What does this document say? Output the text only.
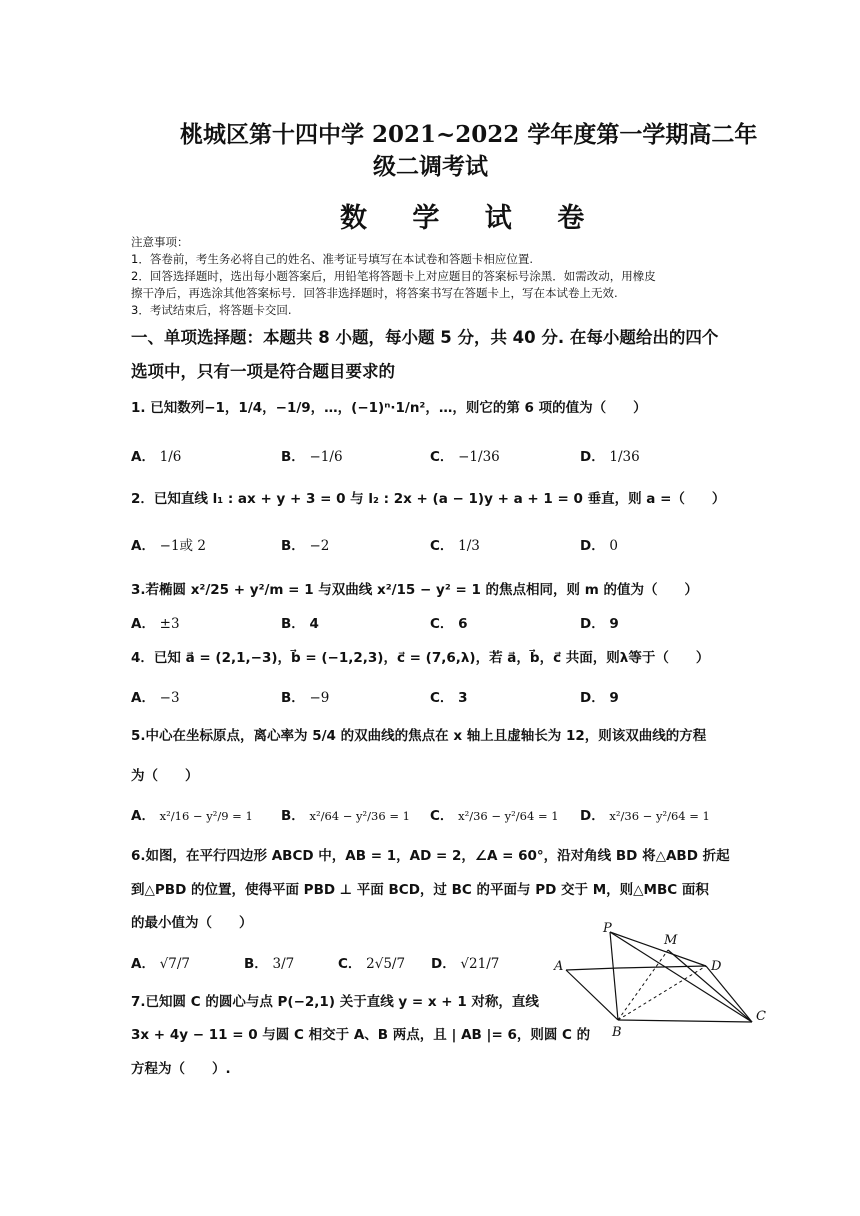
桃城区第十四中学 2021~2022 学年度第一学期高二年
级二调考试
数 学 试 卷
注意事项：
1．答卷前，考生务必将自己的姓名、准考证号填写在本试卷和答题卡相应位置.
2．回答选择题时，选出每小题答案后，用铅笔将答题卡上对应题目的答案标号涂黑．如需改动，用橡皮
擦干净后，再选涂其他答案标号．回答非选择题时，将答案书写在答题卡上，写在本试卷上无效.
3．考试结束后，将答题卡交回.
一、单项选择题：本题共 8 小题，每小题 5 分，共 40 分. 在每小题给出的四个
选项中，只有一项是符合题目要求的
1. 已知数列−1，1/4，−1/9，…，(−1)ⁿ·1/n²，…，则它的第 6 项的值为（　　）
A． 1/6	B． −1/6	C． −1/36	D． 1/36
2．已知直线 l₁ : ax + y + 3 = 0 与 l₂ : 2x + (a − 1)y + a + 1 = 0 垂直，则 a =（　　）
A． −1或 2	B． −2	C． 1/3	D． 0
3.若椭圆 x²/25 + y²/m = 1 与双曲线 x²/15 − y² = 1 的焦点相同，则 m 的值为（　　）
A． ±3	B． 4	C． 6	D． 9
4．已知 a⃗ = (2,1,−3)，b⃗ = (−1,2,3)，c⃗ = (7,6,λ)，若 a⃗，b⃗，c⃗ 共面，则λ等于（　　）
A． −3	B． −9	C． 3	D． 9
5.中心在坐标原点，离心率为 5/4 的双曲线的焦点在 x 轴上且虚轴长为 12，则该双曲线的方程
为（　　）
A． x²/16 − y²/9 = 1 B． x²/64 − y²/36 = 1 C． x²/36 − y²/64 = 1 D． x²/36 − y²/64 = 1
6.如图，在平行四边形 ABCD 中，AB = 1，AD = 2，∠A = 60°，沿对角线 BD 将△ABD 折起
到△PBD 的位置，使得平面 PBD ⊥ 平面 BCD，过 BC 的平面与 PD 交于 M，则△MBC 面积
的最小值为（　　）
A． √7/7	B． 3/7	C． 2√5/7 D． √21/7
P
M
A	D
B
C
7.已知圆 C 的圆心与点 P(−2,1) 关于直线 y = x + 1 对称，直线
3x + 4y − 11 = 0 与圆 C 相交于 A、B 两点，且 | AB |= 6，则圆 C 的
方程为（　　）.
